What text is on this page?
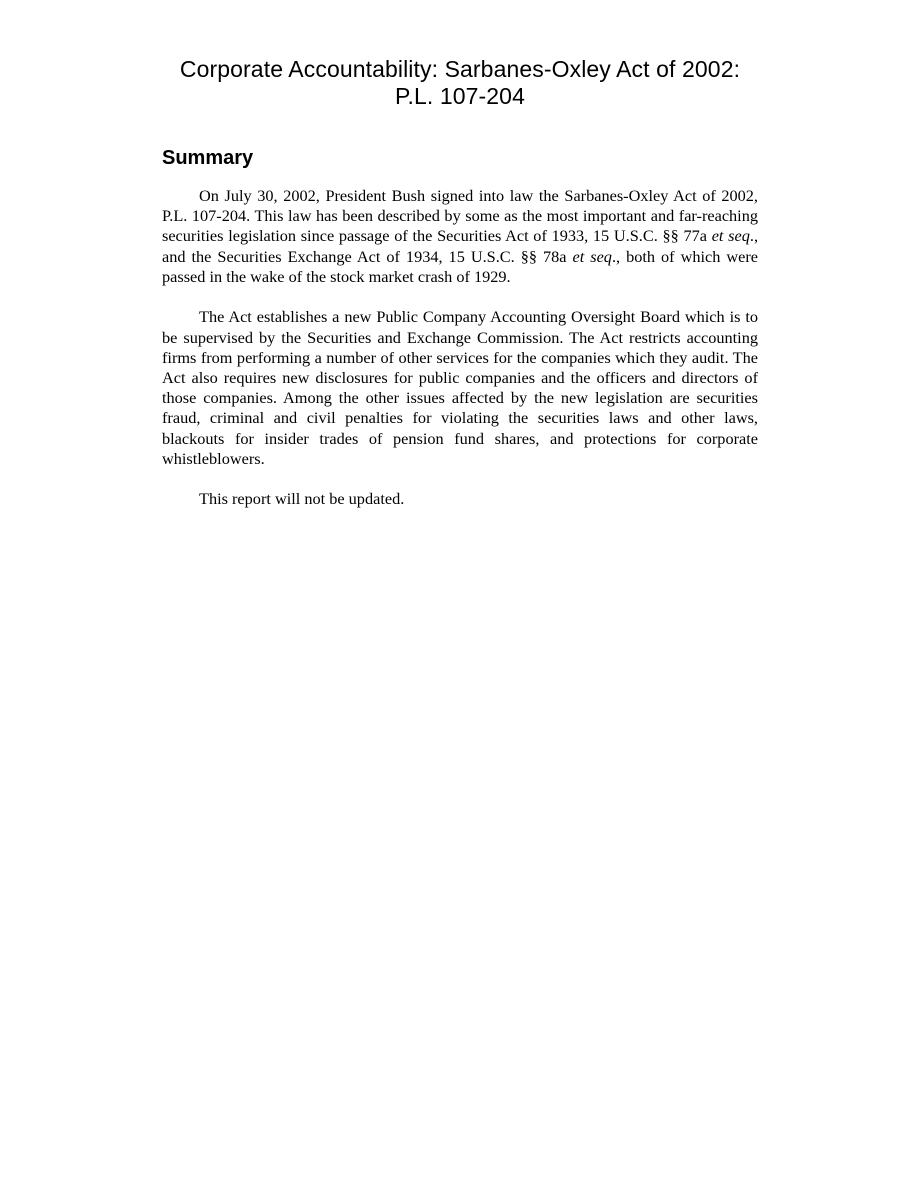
Corporate Accountability: Sarbanes-Oxley Act of 2002:
P.L. 107-204
Summary

On July 30, 2002, President Bush signed into law the Sarbanes-Oxley Act of 2002, P.L. 107-204. This law has been described by some as the most important and far-reaching securities legislation since passage of the Securities Act of 1933, 15 U.S.C. §§ 77a et seq., and the Securities Exchange Act of 1934, 15 U.S.C. §§ 78a et seq., both of which were passed in the wake of the stock market crash of 1929.

The Act establishes a new Public Company Accounting Oversight Board which is to be supervised by the Securities and Exchange Commission. The Act restricts accounting firms from performing a number of other services for the companies which they audit. The Act also requires new disclosures for public companies and the officers and directors of those companies. Among the other issues affected by the new legislation are securities fraud, criminal and civil penalties for violating the securities laws and other laws, blackouts for insider trades of pension fund shares, and protections for corporate whistleblowers.

This report will not be updated.
